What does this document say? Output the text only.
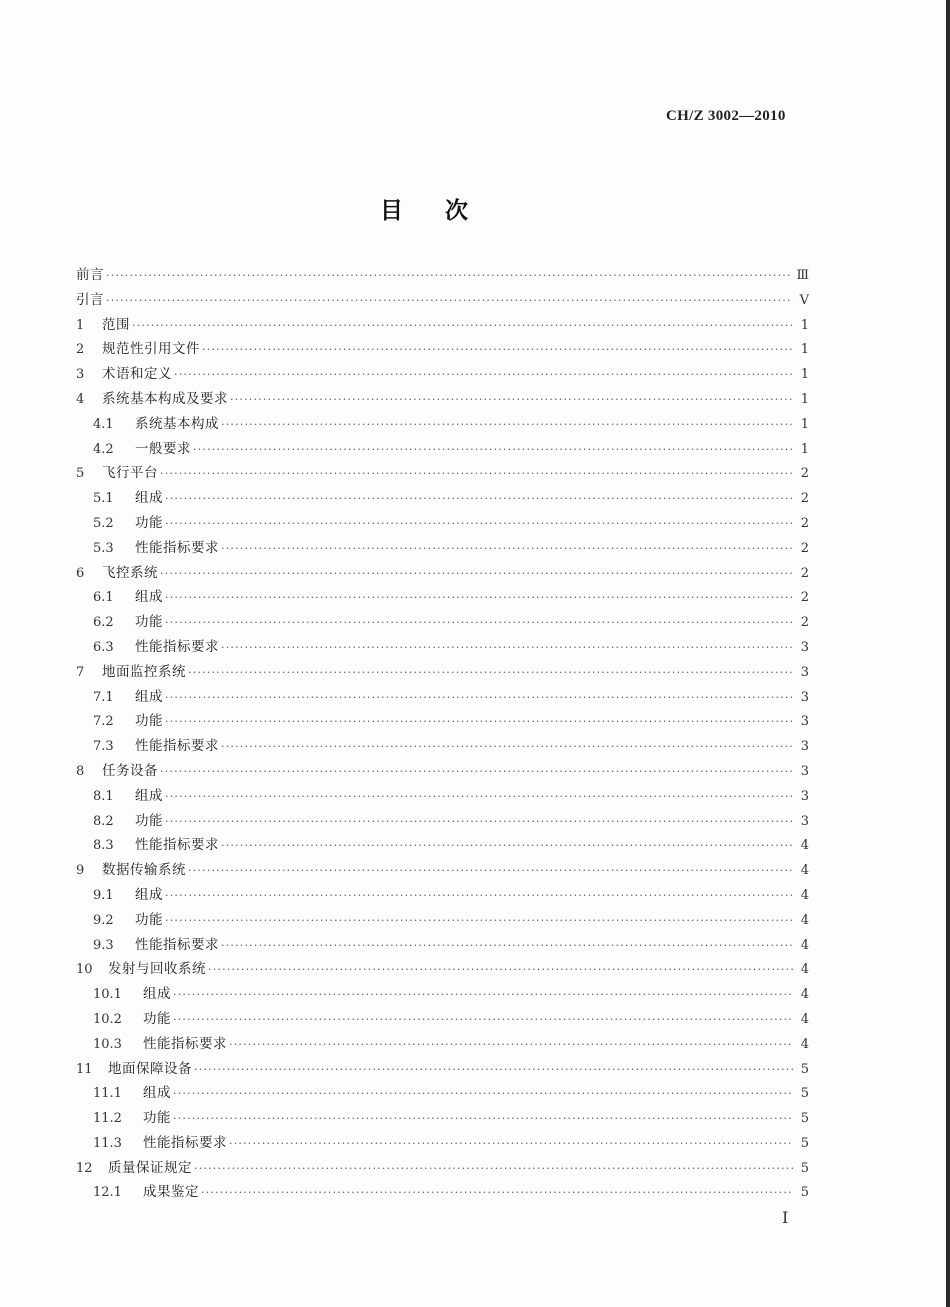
CH/Z 3002—2010
目次
前言 ·····	Ⅲ
引言 ·····	Ⅴ
1	范围 ·····	1
2	规范性引用文件 ·····	1
3	术语和定义 ·····	1
4	系统基本构成及要求 ·····	1
4.1	系统基本构成 ·····	1
4.2	一般要求 ·····	1
5	飞行平台 ·····	2
5.1	组成 ·····	2
5.2	功能 ·····	2
5.3	性能指标要求 ·····	2
6	飞控系统 ·····	2
6.1	组成 ·····	2
6.2	功能 ·····	2
6.3	性能指标要求 ·····	3
7	地面监控系统 ·····	3
7.1	组成 ·····	3
7.2	功能 ·····	3
7.3	性能指标要求 ·····	3
8	任务设备 ·····	3
8.1	组成 ·····	3
8.2	功能 ·····	3
8.3	性能指标要求 ·····	4
9	数据传输系统 ·····	4
9.1	组成 ·····	4
9.2	功能 ·····	4
9.3	性能指标要求 ·····	4
10	发射与回收系统 ·····	4
10.1	组成 ·····	4
10.2	功能 ·····	4
10.3	性能指标要求 ·····	4
11	地面保障设备 ·····	5
11.1	组成 ·····	5
11.2	功能 ·····	5
11.3	性能指标要求 ·····	5
12	质量保证规定 ·····	5
12.1	成果鉴定 ·····	5
Ⅰ
